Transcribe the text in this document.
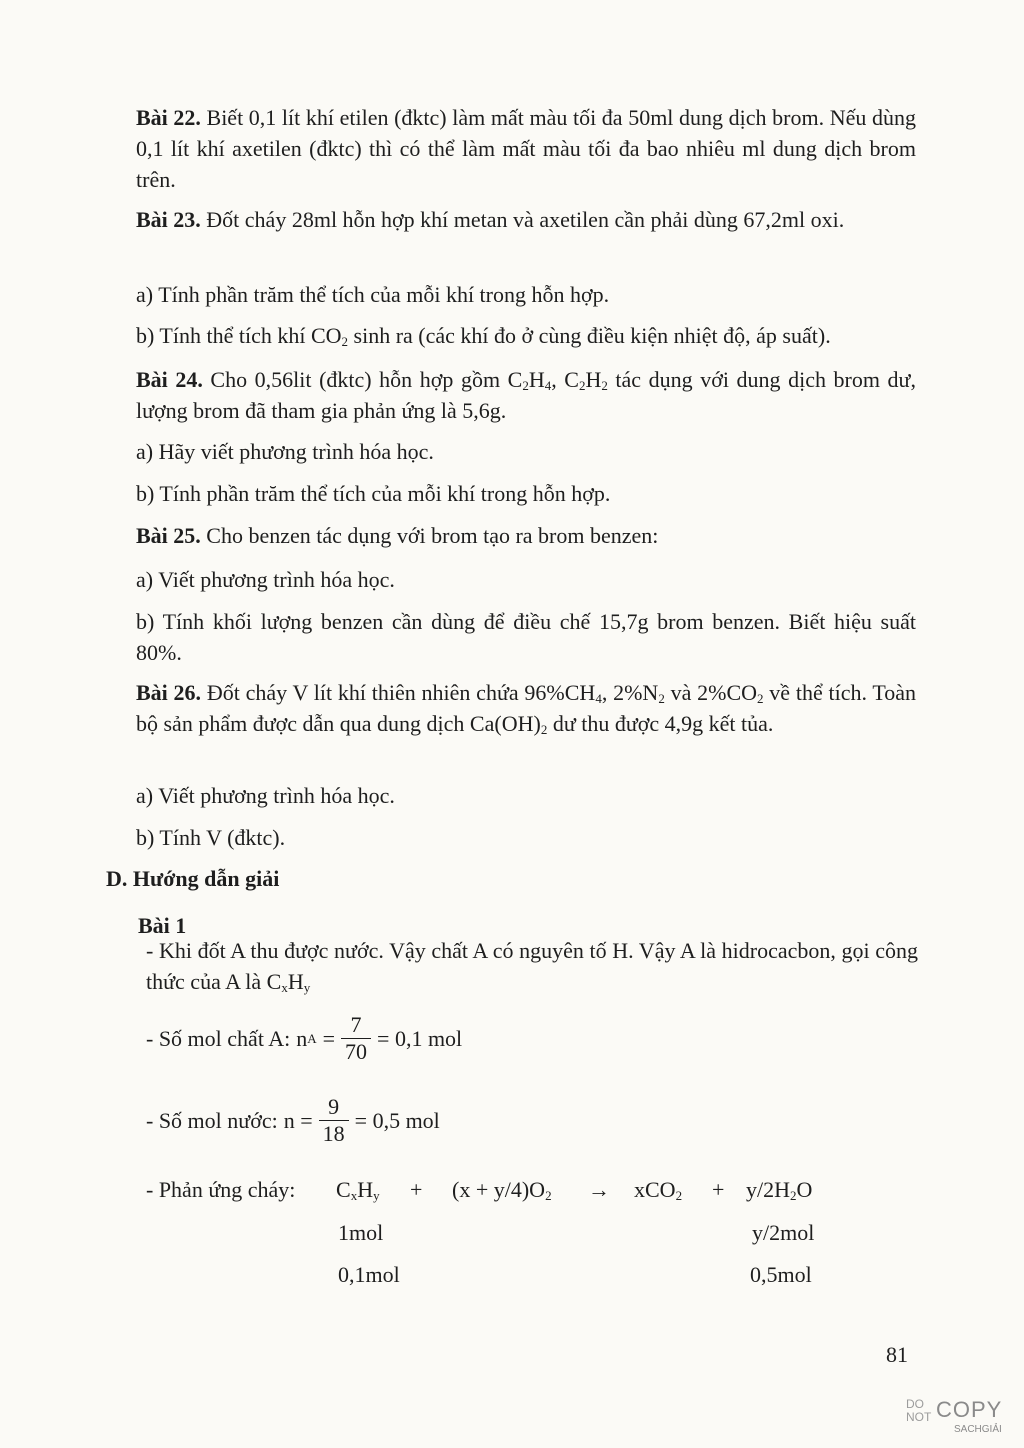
Bài 22. Biết 0,1 lít khí etilen (đktc) làm mất màu tối đa 50ml dung dịch brom. Nếu dùng 0,1 lít khí axetilen (đktc) thì có thể làm mất màu tối đa bao nhiêu ml dung dịch brom trên.

Bài 23. Đốt cháy 28ml hỗn hợp khí metan và axetilen cần phải dùng 67,2ml oxi.

a) Tính phần trăm thể tích của mỗi khí trong hỗn hợp.

b) Tính thể tích khí $CO_2$ sinh ra (các khí đo ở cùng điều kiện nhiệt độ, áp suất).

Bài 24. Cho 0,56lit (đktc) hỗn hợp gồm $C_2H_4$, $C_2H_2$ tác dụng với dung dịch brom dư, lượng brom đã tham gia phản ứng là 5,6g.

a) Hãy viết phương trình hóa học.

b) Tính phần trăm thể tích của mỗi khí trong hỗn hợp.

Bài 25. Cho benzen tác dụng với brom tạo ra brom benzen:

a) Viết phương trình hóa học.

b) Tính khối lượng benzen cần dùng để điều chế 15,7g brom benzen. Biết hiệu suất 80%.

Bài 26. Đốt cháy V lít khí thiên nhiên chứa $96\%CH_4$, $2\%N_2$ và $2\%CO_2$ về thể tích. Toàn bộ sản phẩm được dẫn qua dung dịch $Ca(OH)_2$ dư thu được 4,9g kết tủa.

a) Viết phương trình hóa học.

b) Tính V (đktc).

D. Hướng dẫn giải

Bài 1

- Khi đốt A thu được nước. Vậy chất A có nguyên tố H. Vậy A là hidrocacbon, gọi công thức của A là $C_xH_y$

- Số mol chất A: n $A = \frac{7}{70} = 0,1$ mol
- Số mol nước: $n = \frac{9}{18} = 0,5$ mol
- Phản ứng cháy: $C_xH_y + (x + y/4)O_2 \to xCO_2 + y/2H_2O$
1mol	y/2mol
0,1mol	0,5mol
81
DO
NOT COPY
SACHGIẢI
